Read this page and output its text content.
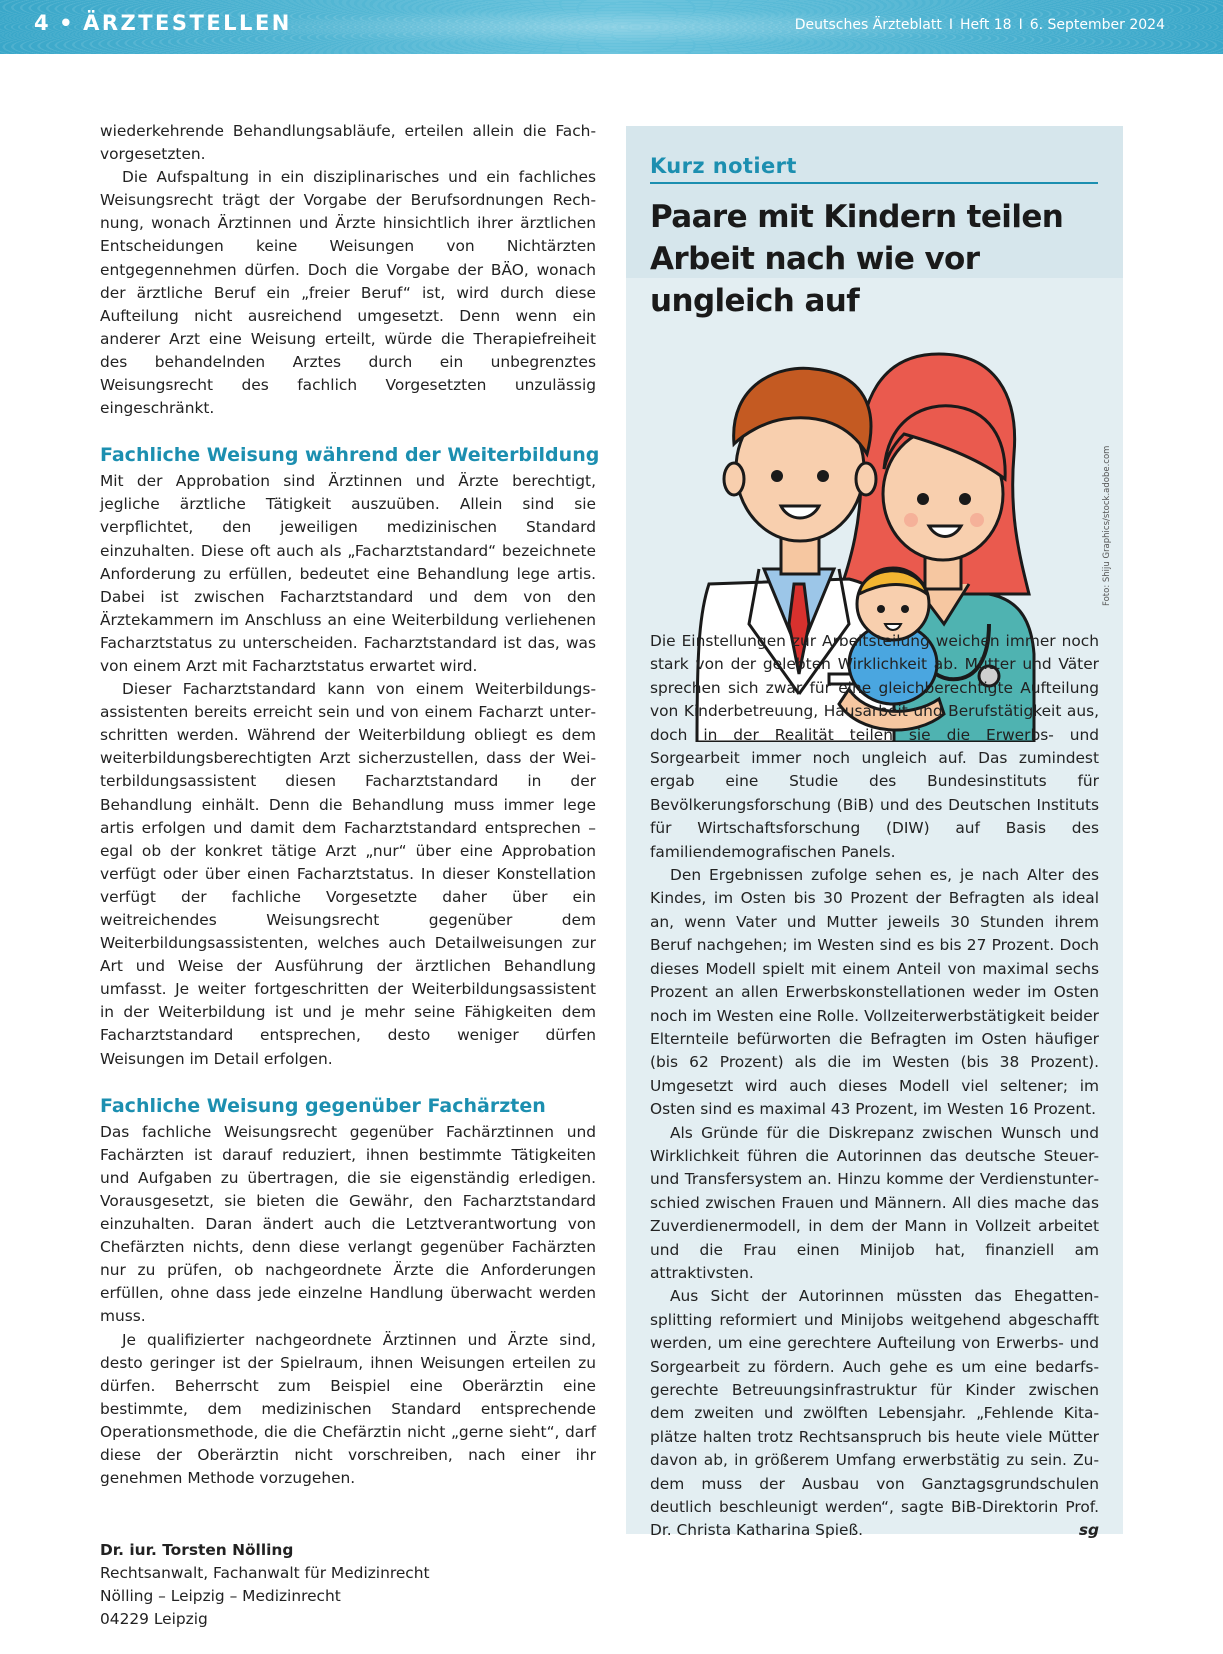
4 • ÄRZTESTELLEN	Deutsches Ärzteblatt I Heft 18 I 6. September 2024

wiederkehrende Behandlungsabläufe, erteilen allein die Fachvorgesetzten.

Die Aufspaltung in ein disziplinarisches und ein fachliches Weisungsrecht trägt der Vorgabe der Berufsordnungen Rechnung, wonach Ärztinnen und Ärzte hinsichtlich ihrer ärztlichen Entscheidungen keine Weisungen von Nichtärzten entgegennehmen dürfen. Doch die Vorgabe der BÄO, wonach der ärztliche Beruf ein „freier Beruf“ ist, wird durch diese Aufteilung nicht ausreichend umgesetzt. Denn wenn ein anderer Arzt eine Weisung erteilt, würde die Therapiefreiheit des behandelnden Arztes durch ein unbegrenztes Weisungsrecht des fachlich Vorgesetzten unzulässig eingeschränkt.

Fachliche Weisung während der Weiterbildung

Mit der Approbation sind Ärztinnen und Ärzte berechtigt, jegliche ärztliche Tätigkeit auszuüben. Allein sind sie verpflichtet, den jeweiligen medizinischen Standard einzuhalten. Diese oft auch als „Facharztstandard“ bezeichnete Anforderung zu erfüllen, bedeutet eine Behandlung lege artis. Dabei ist zwischen Facharztstandard und dem von den Ärztekammern im Anschluss an eine Weiterbildung verliehenen Facharztstatus zu unterscheiden. Facharztstandard ist das, was von einem Arzt mit Facharztstatus erwartet wird.

Dieser Facharztstandard kann von einem Weiterbildungsassistenten bereits erreicht sein und von einem Facharzt unterschritten werden. Während der Weiterbildung obliegt es dem weiterbildungsberechtigten Arzt sicherzustellen, dass der Weiterbildungsassistent diesen Facharztstandard in der Behandlung einhält. Denn die Behandlung muss immer lege artis erfolgen und damit dem Facharztstandard entsprechen – egal ob der konkret tätige Arzt „nur“ über eine Approbation verfügt oder über einen Facharztstatus. In dieser Konstellation verfügt der fachliche Vorgesetzte daher über ein weitreichendes Weisungsrecht gegenüber dem Weiterbildungsassistenten, welches auch Detailweisungen zur Art und Weise der Ausführung der ärztlichen Behandlung umfasst. Je weiter fortgeschritten der Weiterbildungsassistent in der Weiterbildung ist und je mehr seine Fähigkeiten dem Facharztstandard entsprechen, desto weniger dürfen Weisungen im Detail erfolgen.

Fachliche Weisung gegenüber Fachärzten

Das fachliche Weisungsrecht gegenüber Fachärztinnen und Fachärzten ist darauf reduziert, ihnen bestimmte Tätigkeiten und Aufgaben zu übertragen, die sie eigenständig erledigen. Vorausgesetzt, sie bieten die Gewähr, den Facharztstandard einzuhalten. Daran ändert auch die Letztverantwortung von Chefärzten nichts, denn diese verlangt gegenüber Fachärzten nur zu prüfen, ob nachgeordnete Ärzte die Anforderungen erfüllen, ohne dass jede einzelne Handlung überwacht werden muss.

Je qualifizierter nachgeordnete Ärztinnen und Ärzte sind, desto geringer ist der Spielraum, ihnen Weisungen erteilen zu dürfen. Beherrscht zum Beispiel eine Oberärztin eine bestimmte, dem medizinischen Standard entsprechende Operationsmethode, die die Chefärztin nicht „gerne sieht“, darf diese der Oberärztin nicht vorschreiben, nach einer ihr genehmen Methode vorzugehen.

Dr. iur. Torsten Nölling
Rechtsanwalt, Fachanwalt für Medizinrecht
Nölling – Leipzig – Medizinrecht
04229 Leipzig
Kurz notiert
Paare mit Kindern teilen Arbeit nach wie vor ungleich auf
Foto: Shiju Graphics/stock.adobe.com

Die Einstellungen zur Arbeitsteilung weichen immer noch stark von der gelebten Wirklichkeit ab. Mütter und Väter sprechen sich zwar für eine gleichberechtigte Aufteilung von Kinderbetreuung, Hausarbeit und Berufstätigkeit aus, doch in der Realität teilen sie die Erwerbs- und Sorgearbeit immer noch ungleich auf. Das zumindest ergab eine Studie des Bundesinstituts für Bevölkerungsforschung (BiB) und des Deutschen Instituts für Wirtschaftsforschung (DIW) auf Basis des familiendemografischen Panels.

Den Ergebnissen zufolge sehen es, je nach Alter des Kindes, im Osten bis 30 Prozent der Befragten als ideal an, wenn Vater und Mutter jeweils 30 Stunden ihrem Beruf nachgehen; im Westen sind es bis 27 Prozent. Doch dieses Modell spielt mit einem Anteil von maximal sechs Prozent an allen Erwerbskonstellationen weder im Osten noch im Westen eine Rolle. Vollzeiterwerbstätigkeit beider Elternteile befürworten die Befragten im Osten häufiger (bis 62 Prozent) als die im Westen (bis 38 Prozent). Umgesetzt wird auch dieses Modell viel seltener; im Osten sind es maximal 43 Prozent, im Westen 16 Prozent.

Als Gründe für die Diskrepanz zwischen Wunsch und Wirklichkeit führen die Autorinnen das deutsche Steuer- und Transfersystem an. Hinzu komme der Verdienstunterschied zwischen Frauen und Männern. All dies mache das Zuverdienermodell, in dem der Mann in Vollzeit arbeitet und die Frau einen Minijob hat, finanziell am attraktivsten.

Aus Sicht der Autorinnen müssten das Ehegattensplitting reformiert und Minijobs weitgehend abgeschafft werden, um eine gerechtere Aufteilung von Erwerbs- und Sorgearbeit zu fördern. Auch gehe es um eine bedarfsgerechte Betreuungsinfrastruktur für Kinder zwischen dem zweiten und zwölften Lebensjahr. „Fehlende Kitaplätze halten trotz Rechtsanspruch bis heute viele Mütter davon ab, in größerem Umfang erwerbstätig zu sein. Zudem muss der Ausbau von Ganztagsgrundschulen deutlich beschleunigt werden“, sagte BiB-Direktorin Prof. Dr. Christa Katharina Spieß.	sg
